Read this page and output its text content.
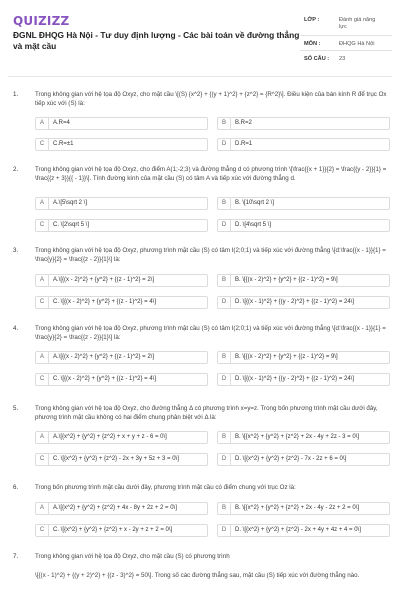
QUIZIZZ
ĐGNL ĐHQG Hà Nội - Tư duy định lượng - Các bài toán về đường thẳng và mặt cầu
LỚP :	Đánh giá năng lực
MÔN :	ĐHQG Hà Nội
SỐ CÂU : 23
1.	Trong không gian với hệ tọa độ Oxyz, cho mặt cầu \[(S) {x^2} + {(y + 1)^2} + {z^2} = {R^2}\]. Điều kiện của bán kính R để trục Ox tiếp xúc với (S) là:
A	A.R=4	B	B.R=2
C	C.R=±1	D	D.R=1
2.	Trong không gian với hệ tọa độ Oxyz, cho điểm A(1;-2;3) và đường thẳng d có phương trình \[\frac{{x + 1}}{2} = \frac{{y - 2}}{1} = \frac{{z + 3}}{{ - 1}}\]. Tính đường kính của mặt cầu (S) có tâm A và tiếp xúc với đường thẳng d.
A	A.\[5\sqrt 2 \]	B	B. \[10\sqrt 2 \]
C	C. \[2\sqrt 5 \]	D	D. \[4\sqrt 5 \]
3.	Trong không gian với hệ tọa độ Oxyz, phương trình mặt cầu (S) có tâm I(2;0;1) và tiếp xúc với đường thẳng \[d:\frac{{x - 1}}{1} = \frac{y}{2} = \frac{{z - 2}}{1}\] là:
A	A.\[{(x - 2)^2} + {y^2} + {(z - 1)^2} = 2\]	B	B. \[{(x - 2)^2} + {y^2} + {(z - 1)^2} = 9\]
C	C. \[{(x - 2)^2} + {y^2} + {(z - 1)^2} = 4\]	D	D. \[{(x - 1)^2} + {(y - 2)^2} + {(z - 1)^2} = 24\]
4.	Trong không gian với hệ tọa độ Oxyz, phương trình mặt cầu (S) có tâm I(2;0;1) và tiếp xúc với đường thẳng \[d:\frac{{x - 1}}{1} = \frac{y}{2} = \frac{{z - 2}}{1}\] là:
A	A.\[{(x - 2)^2} + {y^2} + {(z - 1)^2} = 2\]	B	B. \[{(x - 2)^2} + {y^2} + {(z - 1)^2} = 9\]
C	C. \[{(x - 2)^2} + {y^2} + {(z - 1)^2} = 4\]	D	D. \[{(x - 1)^2} + {(y - 2)^2} + {(z - 1)^2} = 24\]
5.	Trong không gian với hệ tọa độ Oxyz, cho đường thẳng Δ có phương trình x=y=z. Trong bốn phương trình mặt cầu dưới đây, phương trình mặt cầu không có hai điểm chung phân biệt với Δ là:
A	A.\[{x^2} + {y^2} + {z^2} + x + y + z - 6 = 0\]	B	B. \[{x^2} + {y^2} + {z^2} + 2x - 4y + 2z - 3 = 0\]
C	C. \[{x^2} + {y^2} + {z^2} - 2x + 3y + 5z + 3 = 0\]	D	D. \[{x^2} + {y^2} + {z^2} - 7x - 2z + 6 = 0\]
6.	Trong bốn phương trình mặt cầu dưới đây, phương trình mặt cầu có điểm chung với trục Oz là:
A	A.\[{x^2} + {y^2} + {z^2} + 4x - 8y + 2z + 2 = 0\]	B	B. \[{x^2} + {y^2} + {z^2} + 2x - 4y - 2z + 2 = 0\]
C	C. \[{x^2} + {y^2} + {z^2} + x - 2y + z + 2 = 0\]	D	D. \[{x^2} + {y^2} + {z^2} - 2x + 4y + 4z + 4 = 0\]
7.	Trong không gian với hệ tọa độ Oxyz, cho mặt cầu (S) có phương trình
\[{(x - 1)^2} + {(y + 2)^2} + {(z - 3)^2} = 50\]. Trong số các đường thẳng sau, mặt cầu (S) tiếp xúc với đường thẳng nào.
